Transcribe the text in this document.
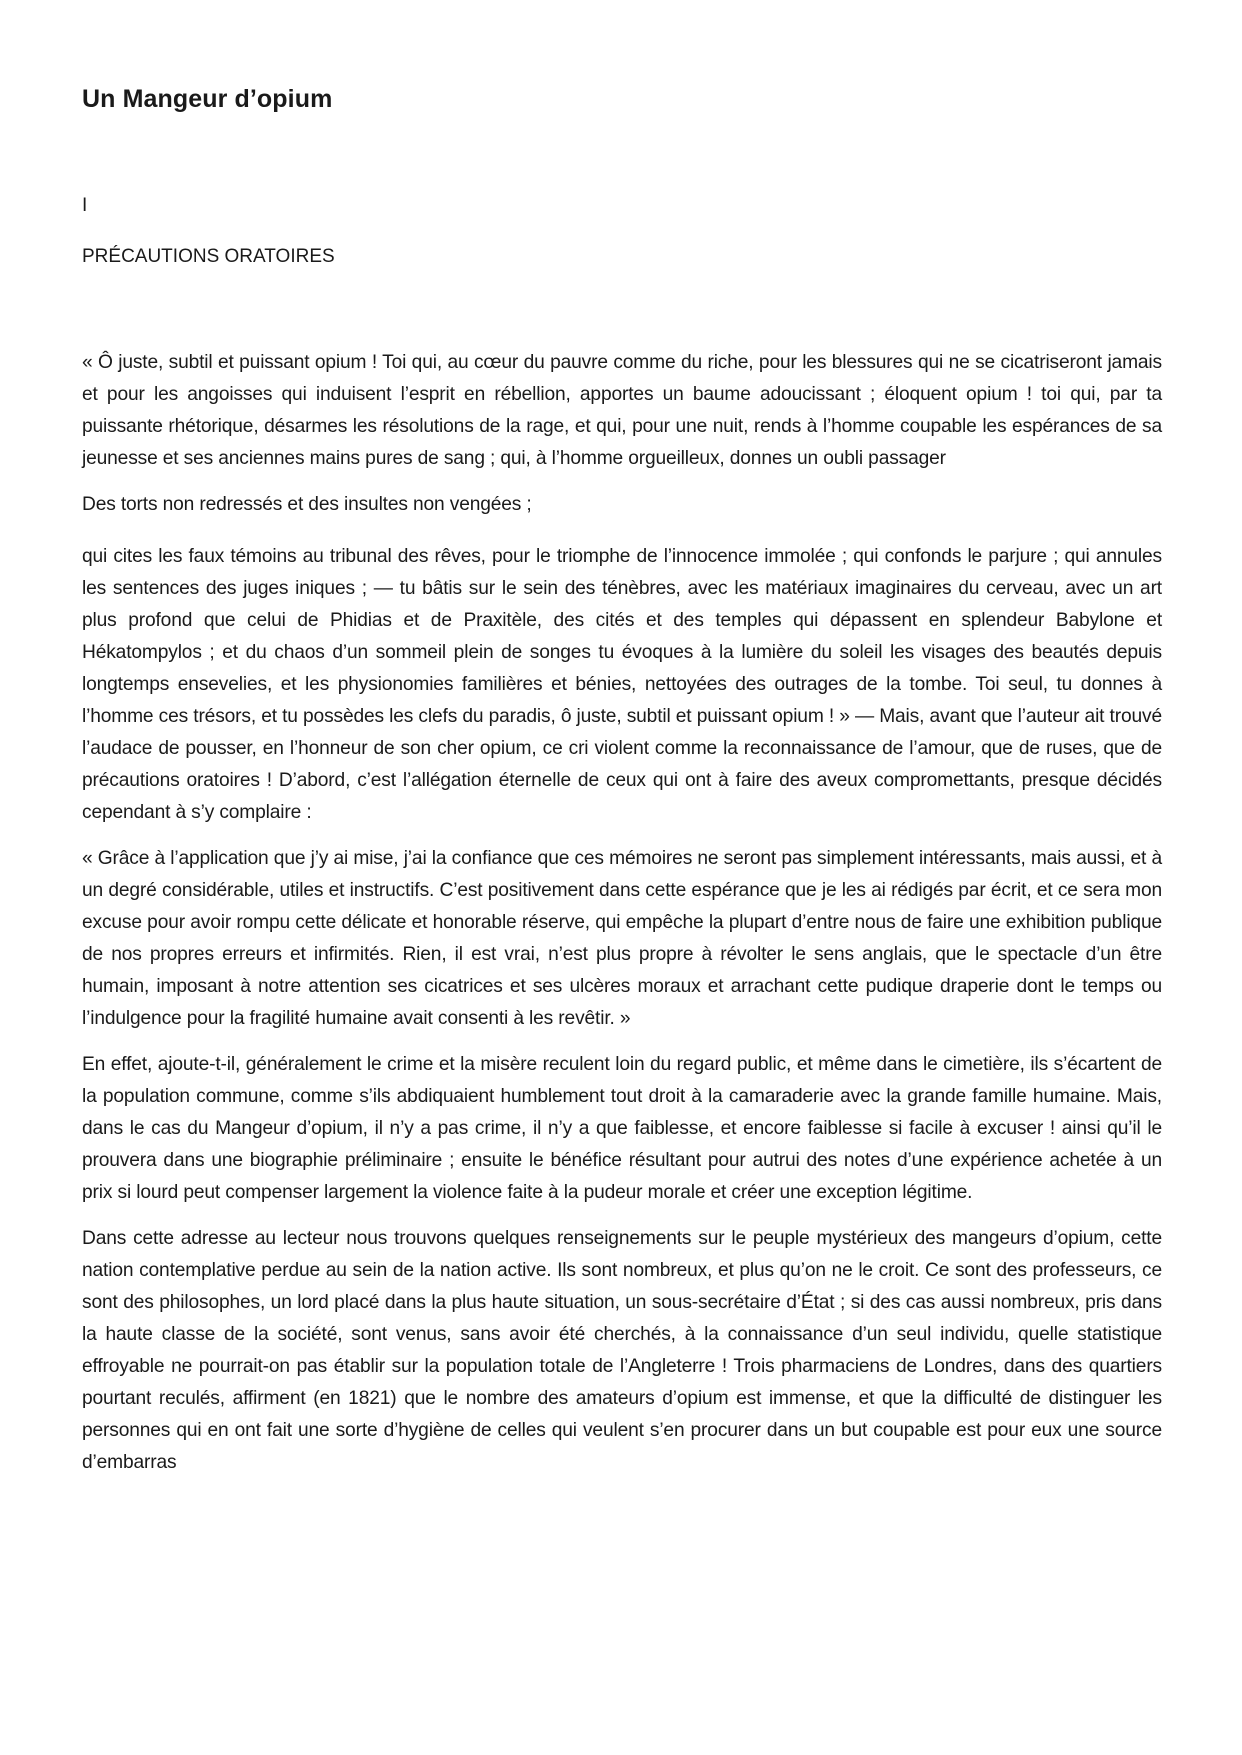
Un Mangeur d’opium

I

PRÉCAUTIONS ORATOIRES

« Ô juste, subtil et puissant opium ! Toi qui, au cœur du pauvre comme du riche, pour les blessures qui ne se cicatriseront jamais et pour les angoisses qui induisent l’esprit en rébellion, apportes un baume adoucissant ; éloquent opium ! toi qui, par ta puissante rhétorique, désarmes les résolutions de la rage, et qui, pour une nuit, rends à l’homme coupable les espérances de sa jeunesse et ses anciennes mains pures de sang ; qui, à l’homme orgueilleux, donnes un oubli passager

Des torts non redressés et des insultes non vengées ;

qui cites les faux témoins au tribunal des rêves, pour le triomphe de l’innocence immolée ; qui confonds le parjure ; qui annules les sentences des juges iniques ; — tu bâtis sur le sein des ténèbres, avec les matériaux imaginaires du cerveau, avec un art plus profond que celui de Phidias et de Praxitèle, des cités et des temples qui dépassent en splendeur Babylone et Hékatompylos ; et du chaos d’un sommeil plein de songes tu évoques à la lumière du soleil les visages des beautés depuis longtemps ensevelies, et les physionomies familières et bénies, nettoyées des outrages de la tombe. Toi seul, tu donnes à l’homme ces trésors, et tu possèdes les clefs du paradis, ô juste, subtil et puissant opium ! » — Mais, avant que l’auteur ait trouvé l’audace de pousser, en l’honneur de son cher opium, ce cri violent comme la reconnaissance de l’amour, que de ruses, que de précautions oratoires ! D’abord, c’est l’allégation éternelle de ceux qui ont à faire des aveux compromettants, presque décidés cependant à s’y complaire :

« Grâce à l’application que j’y ai mise, j’ai la confiance que ces mémoires ne seront pas simplement intéressants, mais aussi, et à un degré considérable, utiles et instructifs. C’est positivement dans cette espérance que je les ai rédigés par écrit, et ce sera mon excuse pour avoir rompu cette délicate et honorable réserve, qui empêche la plupart d’entre nous de faire une exhibition publique de nos propres erreurs et infirmités. Rien, il est vrai, n’est plus propre à révolter le sens anglais, que le spectacle d’un être humain, imposant à notre attention ses cicatrices et ses ulcères moraux et arrachant cette pudique draperie dont le temps ou l’indulgence pour la fragilité humaine avait consenti à les revêtir. »

En effet, ajoute-t-il, généralement le crime et la misère reculent loin du regard public, et même dans le cimetière, ils s’écartent de la population commune, comme s’ils abdiquaient humblement tout droit à la camaraderie avec la grande famille humaine. Mais, dans le cas du Mangeur d’opium, il n’y a pas crime, il n’y a que faiblesse, et encore faiblesse si facile à excuser ! ainsi qu’il le prouvera dans une biographie préliminaire ; ensuite le bénéfice résultant pour autrui des notes d’une expérience achetée à un prix si lourd peut compenser largement la violence faite à la pudeur morale et créer une exception légitime.

Dans cette adresse au lecteur nous trouvons quelques renseignements sur le peuple mystérieux des mangeurs d’opium, cette nation contemplative perdue au sein de la nation active. Ils sont nombreux, et plus qu’on ne le croit. Ce sont des professeurs, ce sont des philosophes, un lord placé dans la plus haute situation, un sous-secrétaire d’État ; si des cas aussi nombreux, pris dans la haute classe de la société, sont venus, sans avoir été cherchés, à la connaissance d’un seul individu, quelle statistique effroyable ne pourrait-on pas établir sur la population totale de l’Angleterre ! Trois pharmaciens de Londres, dans des quartiers pourtant reculés, affirment (en 1821) que le nombre des amateurs d’opium est immense, et que la difficulté de distinguer les personnes qui en ont fait une sorte d’hygiène de celles qui veulent s’en procurer dans un but coupable est pour eux une source d’embarras
